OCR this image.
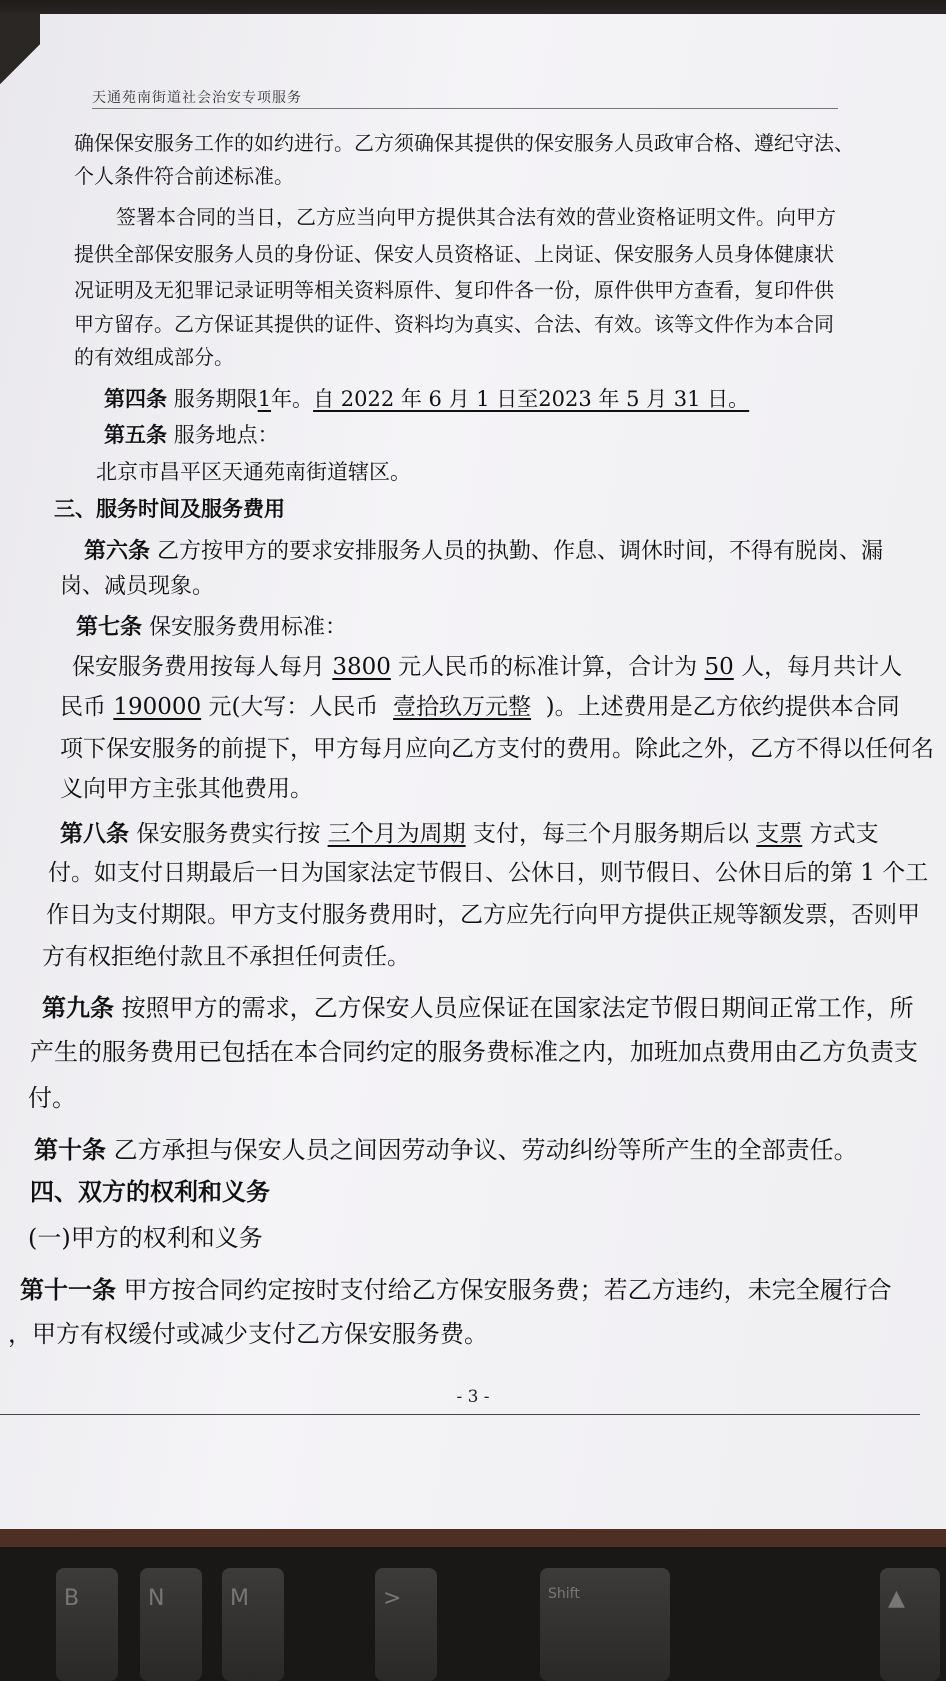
天通苑南街道社会治安专项服务
确保保安服务工作的如约进行。乙方须确保其提供的保安服务人员政审合格、遵纪守法、
个人条件符合前述标准。
签署本合同的当日，乙方应当向甲方提供其合法有效的营业资格证明文件。向甲方
提供全部保安服务人员的身份证、保安人员资格证、上岗证、保安服务人员身体健康状
况证明及无犯罪记录证明等相关资料原件、复印件各一份，原件供甲方查看，复印件供
甲方留存。乙方保证其提供的证件、资料均为真实、合法、有效。该等文件作为本合同
的有效组成部分。
第四条 服务期限1年。自 2022 年 6 月 1 日至2023 年 5 月 31 日。
第五条 服务地点：
北京市昌平区天通苑南街道辖区。
三、服务时间及服务费用
第六条 乙方按甲方的要求安排服务人员的执勤、作息、调休时间，不得有脱岗、漏
岗、减员现象。
第七条 保安服务费用标准：
保安服务费用按每人每月 3800 元人民币的标准计算，合计为 50 人，每月共计人
民币 190000 元(大写：人民币 壹拾玖万元整 )。上述费用是乙方依约提供本合同
项下保安服务的前提下，甲方每月应向乙方支付的费用。除此之外，乙方不得以任何名
义向甲方主张其他费用。
第八条 保安服务费实行按 三个月为周期 支付，每三个月服务期后以 支票 方式支
付。如支付日期最后一日为国家法定节假日、公休日，则节假日、公休日后的第 1 个工
作日为支付期限。甲方支付服务费用时，乙方应先行向甲方提供正规等额发票，否则甲
方有权拒绝付款且不承担任何责任。
第九条 按照甲方的需求，乙方保安人员应保证在国家法定节假日期间正常工作，所
产生的服务费用已包括在本合同约定的服务费标准之内，加班加点费用由乙方负责支
付。
第十条 乙方承担与保安人员之间因劳动争议、劳动纠纷等所产生的全部责任。
四、双方的权利和义务
(一)甲方的权利和义务
第十一条 甲方按合同约定按时支付给乙方保安服务费；若乙方违约，未完全履行合
，甲方有权缓付或减少支付乙方保安服务费。
- 3 -
B	N	M	>	Shift	▲
